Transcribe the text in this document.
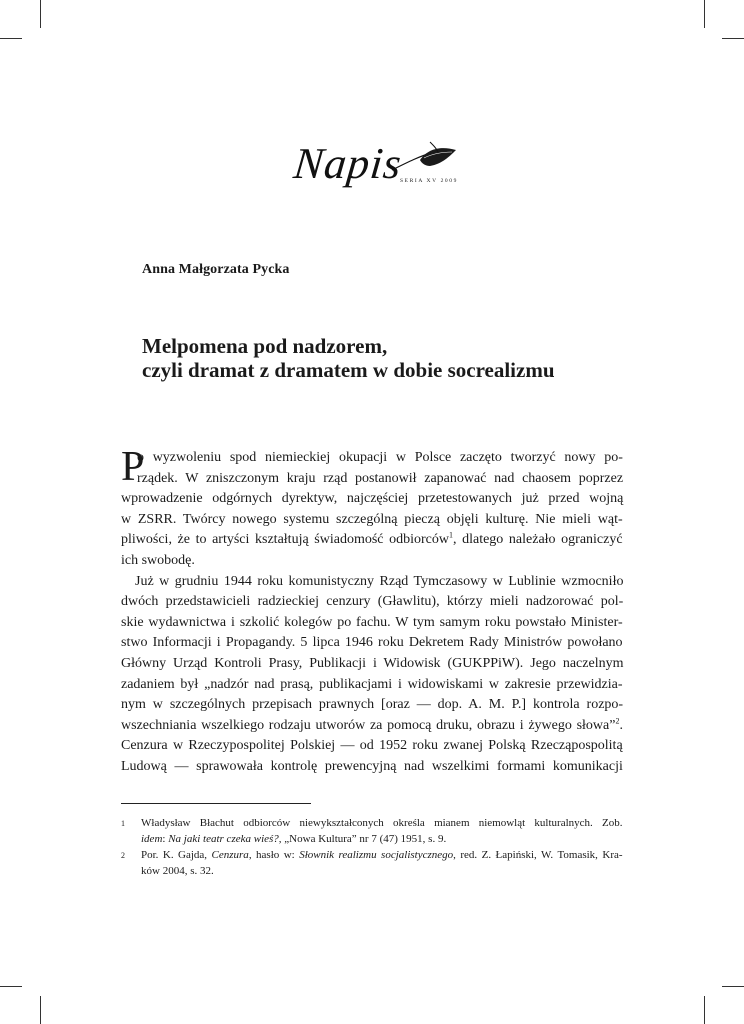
Napis
SERIA XV 2009
Anna Małgorzata Pycka
Melpomena pod nadzorem,
czyli dramat z dramatem w dobie socrealizmu
P
o wyzwoleniu spod niemieckiej okupacji w Polsce zaczęto tworzyć nowy po-
rządek. W zniszczonym kraju rząd postanowił zapanować nad chaosem poprzez
wprowadzenie odgórnych dyrektyw, najczęściej przetestowanych już przed wojną
w ZSRR. Twórcy nowego systemu szczególną pieczą objęli kulturę. Nie mieli wąt-
pliwości, że to artyści kształtują świadomość odbiorców$^1$, dlatego należało ograniczyć
ich swobodę.
Już w grudniu 1944 roku komunistyczny Rząd Tymczasowy w Lublinie wzmocniło
dwóch przedstawicieli radzieckiej cenzury (Gławlitu), którzy mieli nadzorować pol-
skie wydawnictwa i szkolić kolegów po fachu. W tym samym roku powstało Minister-
stwo Informacji i Propagandy. 5 lipca 1946 roku Dekretem Rady Ministrów powołano
Główny Urząd Kontroli Prasy, Publikacji i Widowisk (GUKPPiW). Jego naczelnym
zadaniem był „nadzór nad prasą, publikacjami i widowiskami w zakresie przewidzia-
nym w szczególnych przepisach prawnych [oraz — dop. A. M. P.] kontrola rozpo-
wszechniania wszelkiego rodzaju utworów za pomocą druku, obrazu i żywego słowa”$^2$.
Cenzura w Rzeczypospolitej Polskiej — od 1952 roku zwanej Polską Rzecząpospolitą
Ludową — sprawowała kontrolę prewencyjną nad wszelkimi formami komunikacji
1 Władysław Błachut odbiorców niewykształconych określa mianem niemowląt kulturalnych. Zob.
idem: Na jaki teatr czeka wieś?, „Nowa Kultura” nr 7 (47) 1951, s. 9.
2 Por. K. Gajda, Cenzura, hasło w: Słownik realizmu socjalistycznego, red. Z. Łapiński, W. Tomasik, Kra-
ków 2004, s. 32.
